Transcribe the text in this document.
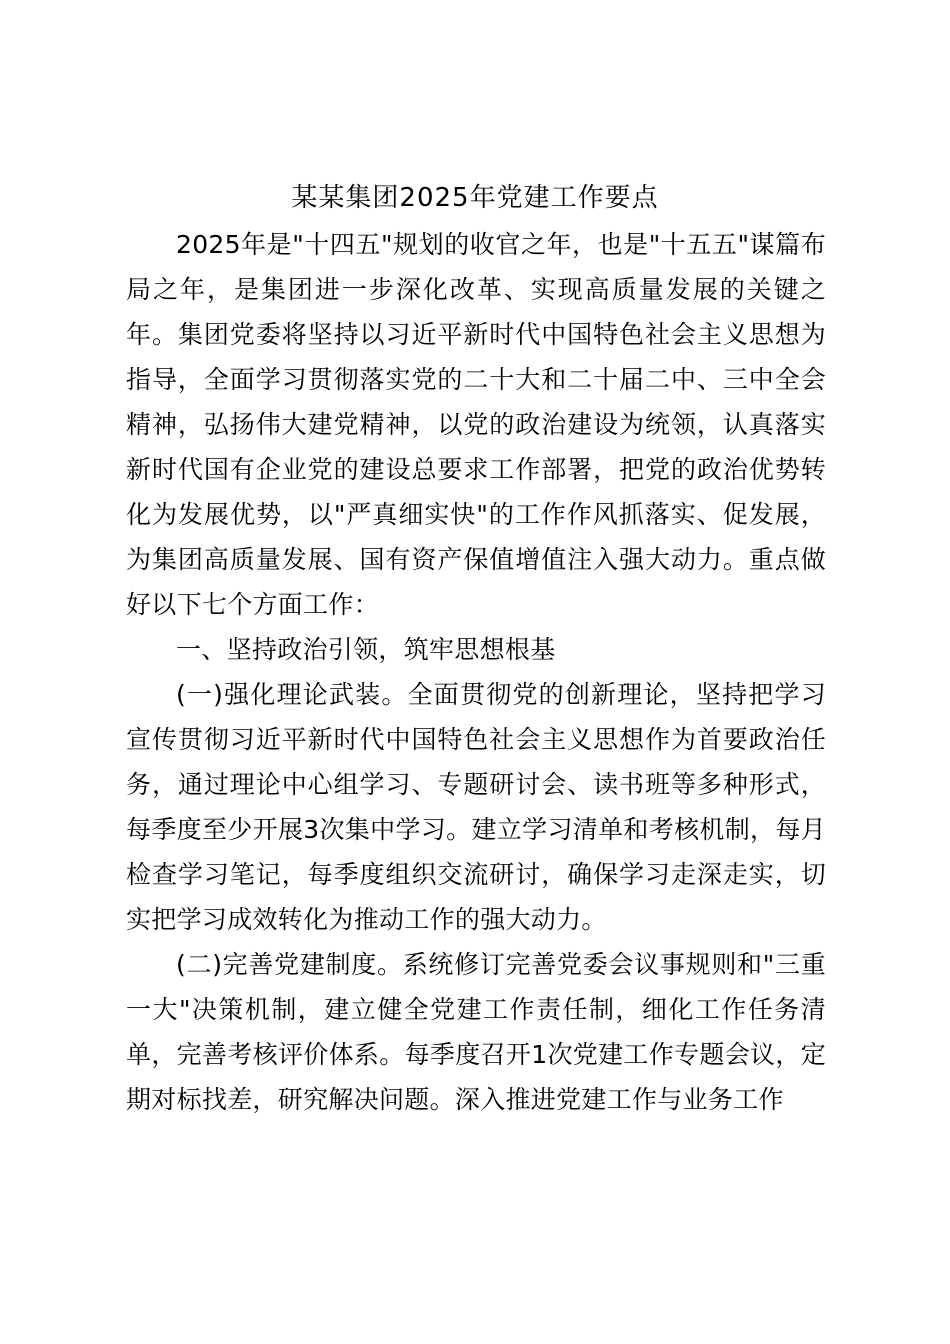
某某集团2025年党建工作要点

2025年是"十四五"规划的收官之年，也是"十五五"谋篇布局之年，是集团进一步深化改革、实现高质量发展的关键之年。集团党委将坚持以习近平新时代中国特色社会主义思想为指导，全面学习贯彻落实党的二十大和二十届二中、三中全会精神，弘扬伟大建党精神，以党的政治建设为统领，认真落实新时代国有企业党的建设总要求工作部署，把党的政治优势转化为发展优势，以"严真细实快"的工作作风抓落实、促发展，为集团高质量发展、国有资产保值增值注入强大动力。重点做好以下七个方面工作：

一、坚持政治引领，筑牢思想根基

(一)强化理论武装。全面贯彻党的创新理论，坚持把学习宣传贯彻习近平新时代中国特色社会主义思想作为首要政治任务，通过理论中心组学习、专题研讨会、读书班等多种形式，每季度至少开展3次集中学习。建立学习清单和考核机制，每月检查学习笔记，每季度组织交流研讨，确保学习走深走实，切实把学习成效转化为推动工作的强大动力。

(二)完善党建制度。系统修订完善党委会议事规则和"三重一大"决策机制，建立健全党建工作责任制，细化工作任务清单，完善考核评价体系。每季度召开1次党建工作专题会议，定期对标找差，研究解决问题。深入推进党建工作与业务工作
